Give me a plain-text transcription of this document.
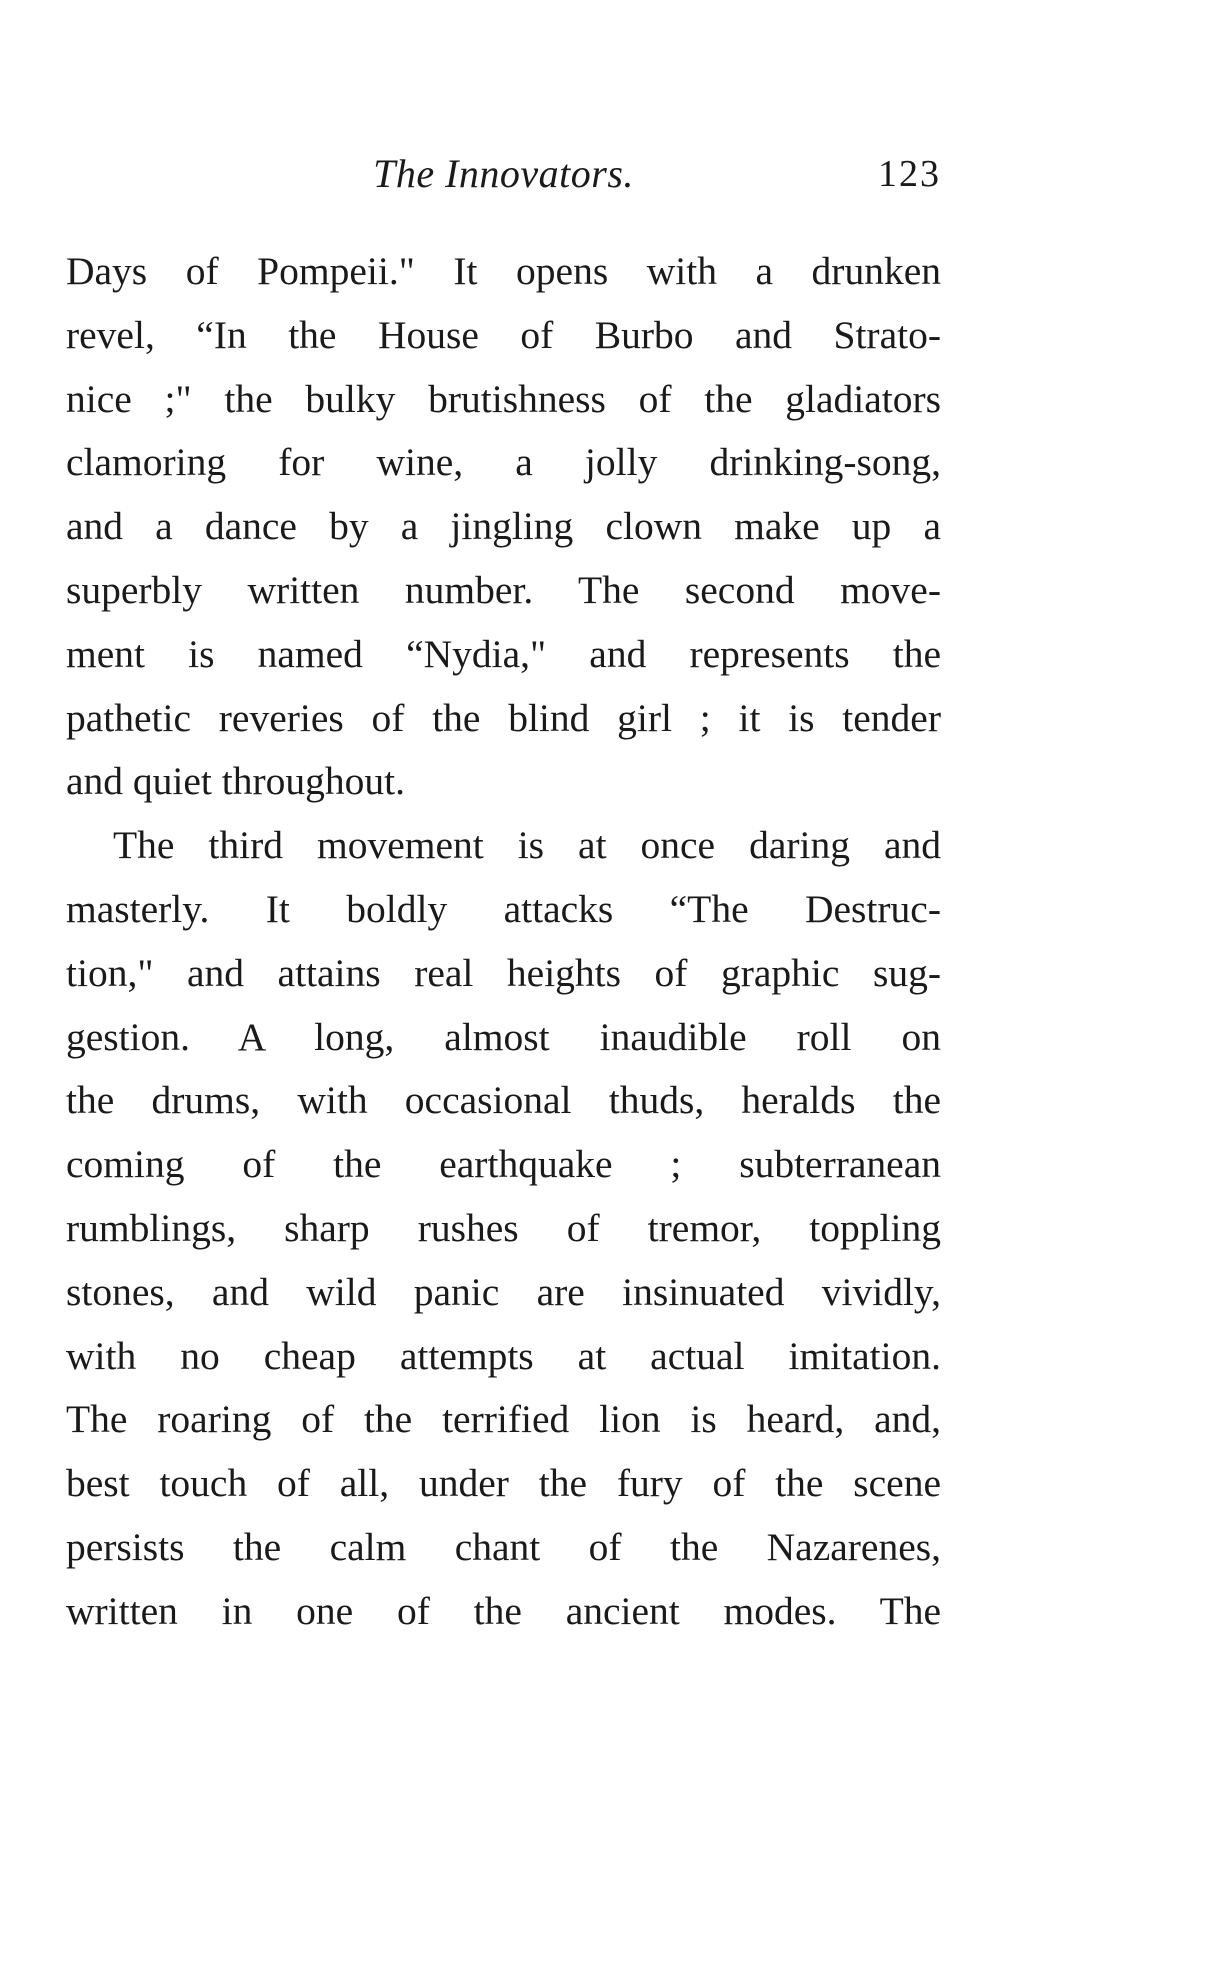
The Innovators.	123
Days of Pompeii." It opens with a drunken
revel, “In the House of Burbo and Strato-
nice ;" the bulky brutishness of the gladiators
clamoring for wine, a jolly drinking-song,
and a dance by a jingling clown make up a
superbly written number. The second move-
ment is named “Nydia," and represents the
pathetic reveries of the blind girl ; it is tender
and quiet throughout.
The third movement is at once daring and
masterly. It boldly attacks “The Destruc-
tion," and attains real heights of graphic sug-
gestion. A long, almost inaudible roll on
the drums, with occasional thuds, heralds the
coming of the earthquake ; subterranean
rumblings, sharp rushes of tremor, toppling
stones, and wild panic are insinuated vividly,
with no cheap attempts at actual imitation.
The roaring of the terrified lion is heard, and,
best touch of all, under the fury of the scene
persists the calm chant of the Nazarenes,
written in one of the ancient modes. The
